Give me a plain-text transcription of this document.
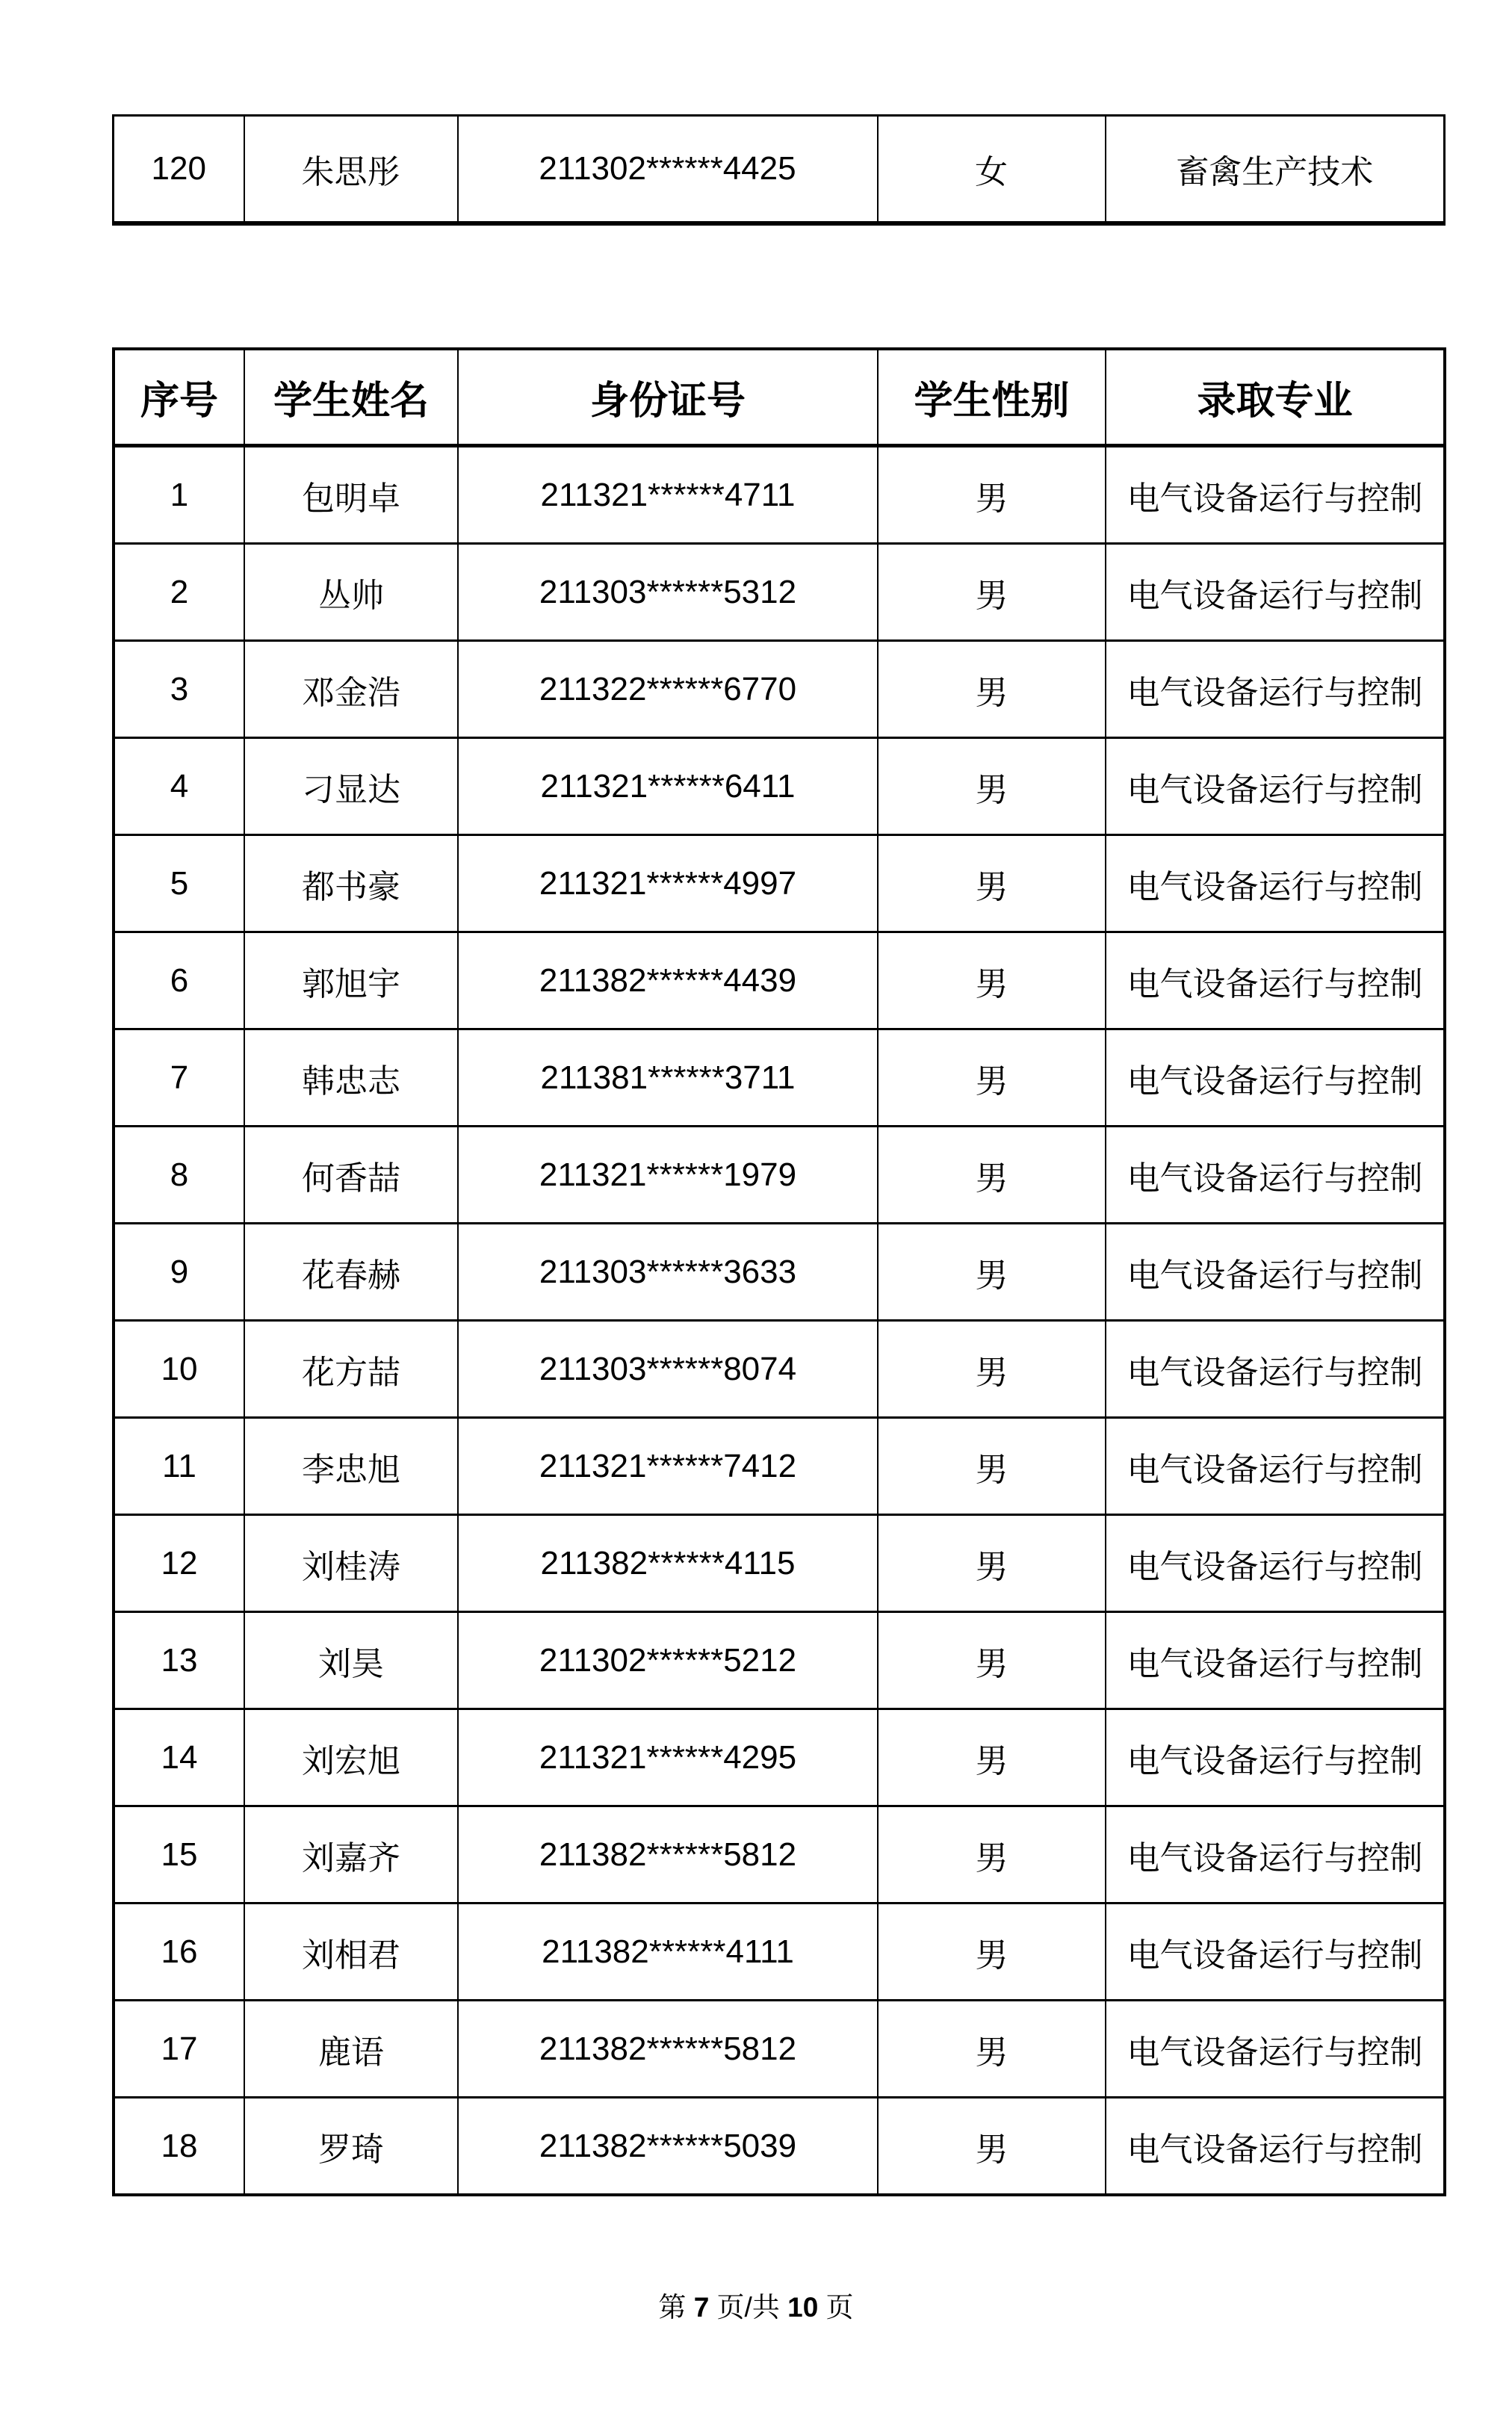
120	朱思彤	211302******4425	女	畜禽生产技术
序号	学生姓名	身份证号	学生性别	录取专业
1	包明卓	211321******4711	男	电气设备运行与控制
2	丛帅	211303******5312	男	电气设备运行与控制
3	邓金浩	211322******6770	男	电气设备运行与控制
4	刁显达	211321******6411	男	电气设备运行与控制
5	都书豪	211321******4997	男	电气设备运行与控制
6	郭旭宇	211382******4439	男	电气设备运行与控制
7	韩忠志	211381******3711	男	电气设备运行与控制
8	何香喆	211321******1979	男	电气设备运行与控制
9	花春赫	211303******3633	男	电气设备运行与控制
10	花方喆	211303******8074	男	电气设备运行与控制
11	李忠旭	211321******7412	男	电气设备运行与控制
12	刘桂涛	211382******4115	男	电气设备运行与控制
13	刘昊	211302******5212	男	电气设备运行与控制
14	刘宏旭	211321******4295	男	电气设备运行与控制
15	刘嘉齐	211382******5812	男	电气设备运行与控制
16	刘相君	211382******4111	男	电气设备运行与控制
17	鹿语	211382******5812	男	电气设备运行与控制
18	罗琦	211382******5039	男	电气设备运行与控制
第 7 页/共 10 页
